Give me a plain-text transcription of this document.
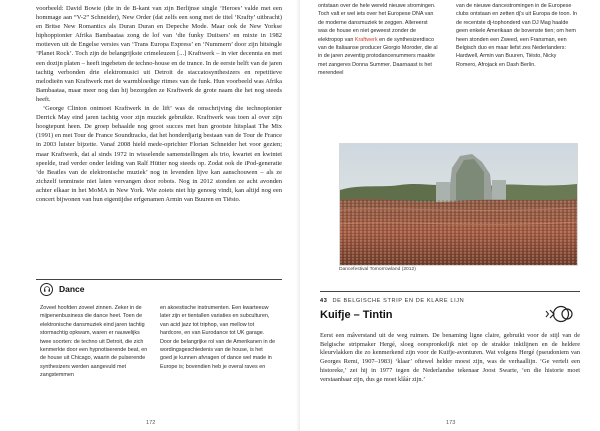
voorbeeld: David Bowie (die in de B-kant van zijn Berlijnse single ‘Heroes’ valde met een hommage aan “V-2” Schneider), New Order (dat zelfs een song met de titel ‘Krafty’ uitbracht) en Britse New Romantics als Duran Duran en Depeche Mode. Maar ook de New Yorkse hiphoppionier Afrika Bambaataa zong de lof van ‘die funky Duitsers’ en mixte in 1982 motieven uit de Engelse versies van ‘Trans Europa Express’ en ‘Nummern’ door zijn hitsingle ‘Planet Rock’. Toch zijn de belangrijkste crimeleuzen [...] Kraftwerk – in vier decennia en met een dozijn platen – heeft ingebeten de techno-house en de trance. In de eerste helft van de jaren tachtig verbonden drie elektromusici uit Detroit de staccatosynthesizers en repetitieve melodieën van Kraftwerk met de warmbloedige ritmes van de funk. Hun voorbeeld was Afrika Bambaataa, maar meer nog dan hij bezorgden ze Kraftwerk de grote naam die het nog steeds heeft.

‘George Clinton ontmoet Kraftwerk in de lift’ was de omschrijving die technopionier Derrick May eind jaren tachtig voor zijn muziek gebruikte. Kraftwerk was toen al over zijn hoogtepunt heen. De groep behaalde nog groot succes met hun grootste hitsplaat The Mix (1991) en met Tour de France Soundtracks, dat het honderdjarig bestaan van de Tour de France in 2003 luister bijzette. Vanaf 2008 hield mede-oprichter Florian Schneider het voor gezien; maar Kraftwerk, dat al sinds 1972 in wisselende samenstellingen als trio, kwartet en kwintet speelde, trad verder onder leiding van Ralf Hütter nog steeds op. Zodat ook de iPod-generatie ‘de Beatles van de elektronische muziek’ nog in levenden lijve kan aanschouwen – als ze zichzelf tenminste niet laten vervangen door robots. Nog in 2012 stonden ze acht avonden achter elkaar in het MoMA in New York. Wie zoiets niet hip genoeg vindt, kan altijd nog een concert bijwonen van hun eigentijdse erfgenamen Armin van Buuren en Tiësto.

Dance

Zoveel hoofden zoveel zinnen. Zeker in de mijpenenbusiness die dance heet. Toen de elektronische dansmuziek eind jaren tachtig stormachtig opkwam, waren er nauwelijks twee soorten: de techno uit Detroit, die zich kenmerkte door een hypnotiserende beat, en de house uit Chicago, waarin de pulserende synthesizers werden aangevuld met zangstemmen

en akoestische instrumenten. Een kwarteeuw later zijn er tientallen variaties en subculturen, van acid jazz tot triphop, van mellow tot hardcore, en van Eurodance tot UK garage. Door de belangrijke rol van de Amerikanen in de wordingsgeschiedenis van de house, is het goed je kunnen afvragen of dance wel made in Europe is; bovendien heb je overal raves en

172

ontstaan over de hele wereld nieuwe stromingen. Toch valt er wel iets over het Europese DNA van de moderne dansmuziek te zeggen. Allereerst was de house en niet geweest zonder de elektropop van Kraftwerk en de synthesizerdisco van de Italiaanse producer Giorgio Moroder, die al in de jaren zeventig protodancenummers maakte met zangeres Donna Summer. Daarnaast is het merendeel

van de nieuwe dancestromingen in de Europese clubs ontstaan en zetten dj’s uit Europa de toon. In de recentste dj-tophonderd van DJ Mag haalde geen enkele Amerikaan de bovenste tien; om hem heen stonden een Zweed, een Fransman, een Belgisch duo en maar liefst zes Nederlanders: Hardwell, Armin van Buuren, Tiësto, Nicky Romero, Afrojack en Dash Berlin.

Dancefestival Tomorrowland (2012)
43 DE BELGISCHE STRIP EN DE KLARE LIJN
Kuifje – Tintin

Eerst een mâverstand uit de weg ruimen. De benaming ligne claire, gebruikt voor de stijl van de Belgische stripmaker Hergé, sloeg oorspronkelijk niet op de strakke inktlijnen en de heldere kleurvlakken die zo kenmerkend zijn voor de Kuifje-avonturen. Wat volgens Hergé (pseudoniem van Georges Remi, 1907–1983) ‘klaar’ oftewel helder moest zijn, was de verhaallijn. ‘Ge vertelt een historeke,’ zei hij in 1977 tegen de Nederlandse tekenaar Joost Swarte, ‘en die historie moet verstaanbaar zijn, dus ge moet klâár zijn.’

173
